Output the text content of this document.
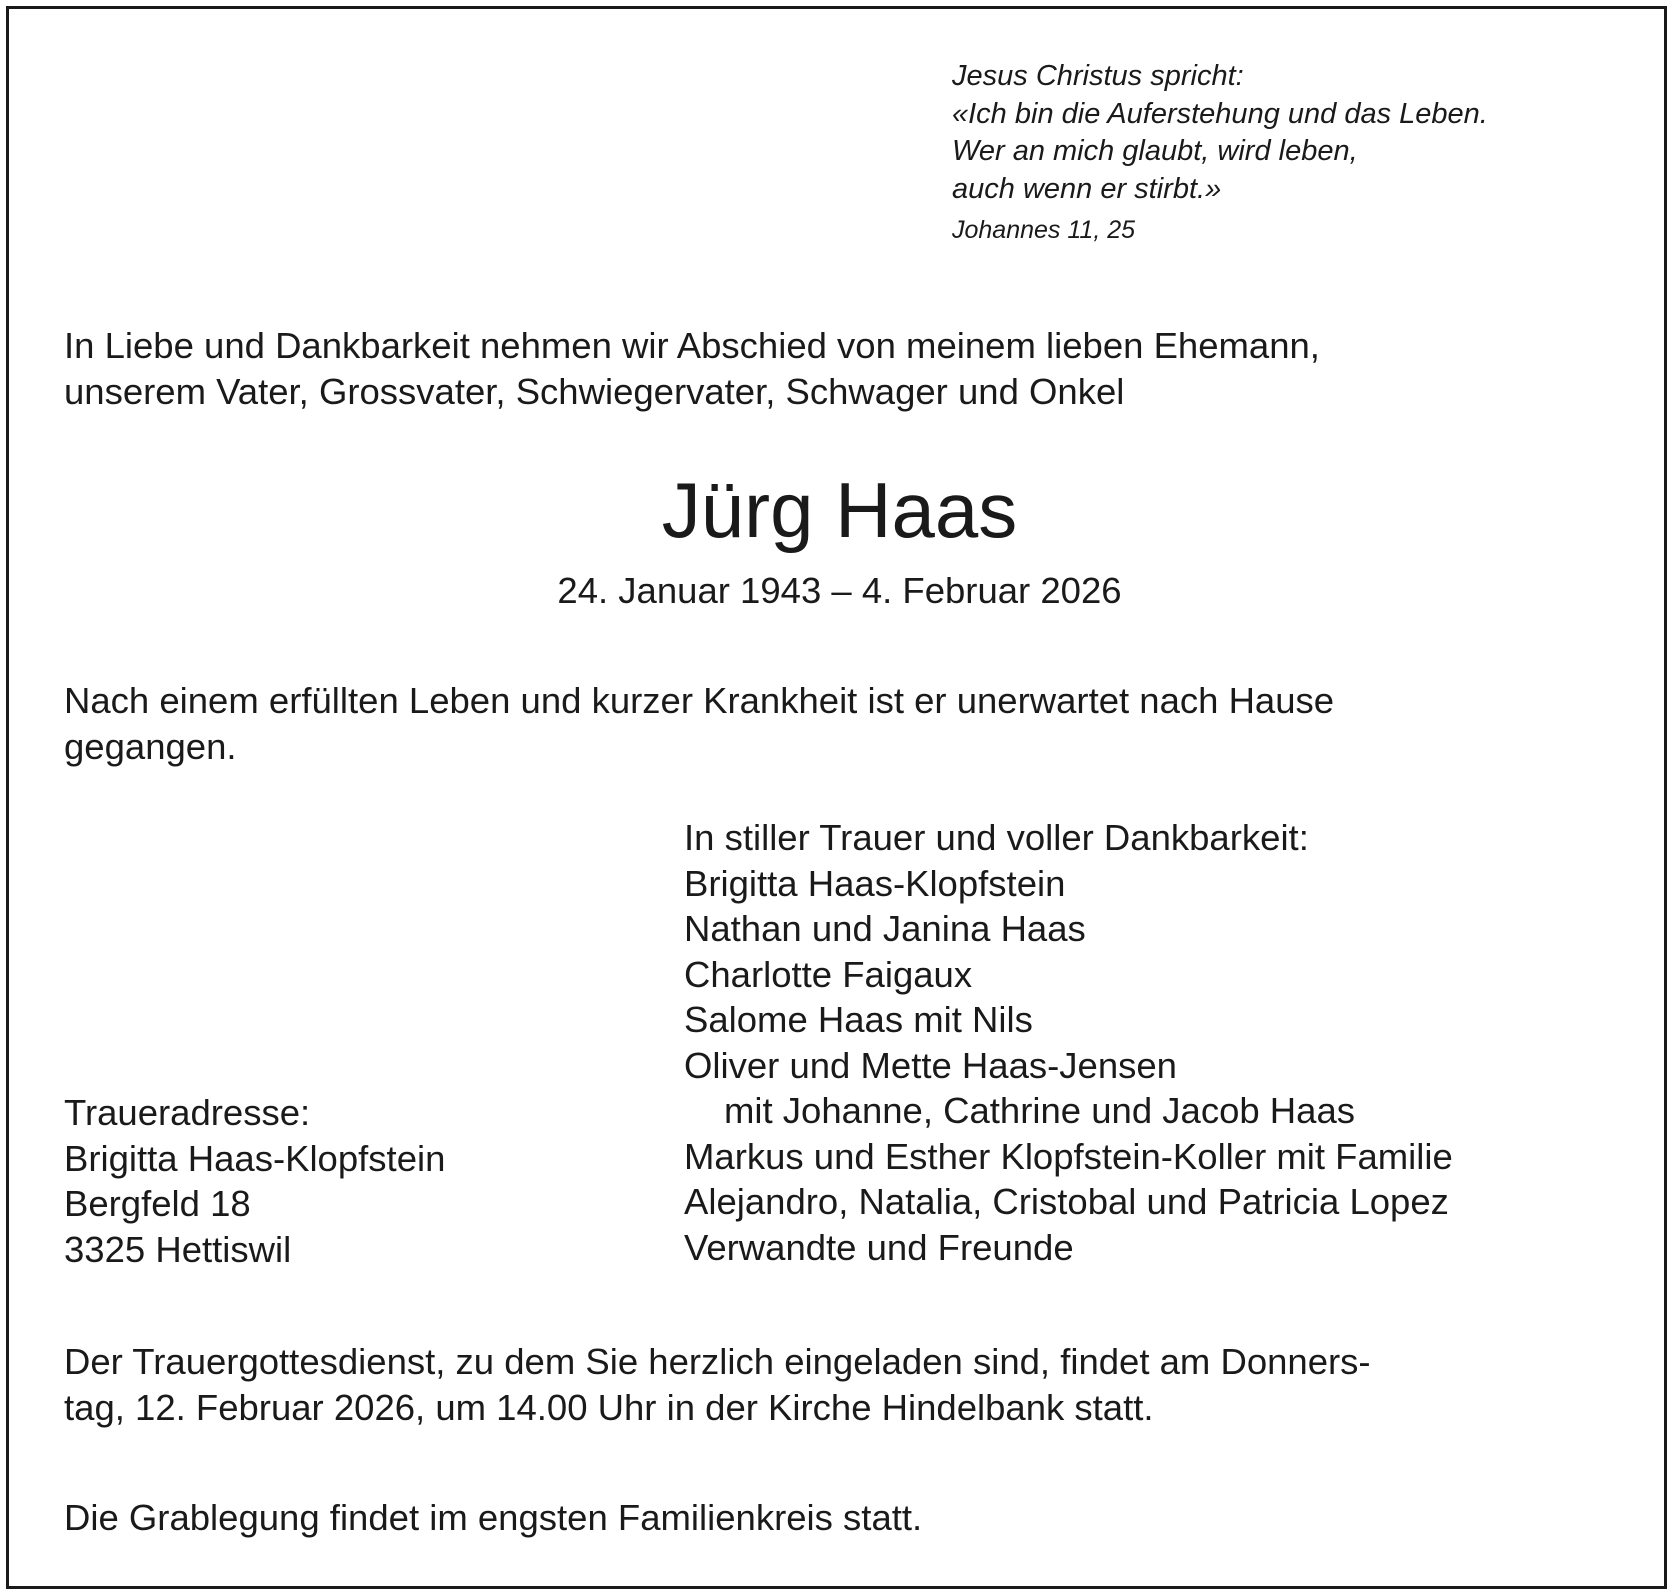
Jesus Christus spricht:
«Ich bin die Auferstehung und das Leben.
Wer an mich glaubt, wird leben,
auch wenn er stirbt.»
Johannes 11, 25
In Liebe und Dankbarkeit nehmen wir Abschied von meinem lieben Ehemann,
unserem Vater, Grossvater, Schwiegervater, Schwager und Onkel
Jürg Haas
24. Januar 1943 – 4. Februar 2026
Nach einem erfüllten Leben und kurzer Krankheit ist er unerwartet nach Hause
gegangen.
In stiller Trauer und voller Dankbarkeit:
Brigitta Haas-Klopfstein
Nathan und Janina Haas
Charlotte Faigaux
Salome Haas mit Nils
Oliver und Mette Haas-Jensen
mit Johanne, Cathrine und Jacob Haas
Markus und Esther Klopfstein-Koller mit Familie
Alejandro, Natalia, Cristobal und Patricia Lopez
Verwandte und Freunde
Traueradresse:
Brigitta Haas-Klopfstein
Bergfeld 18
3325 Hettiswil
Der Trauergottesdienst, zu dem Sie herzlich eingeladen sind, findet am Donners-
tag, 12. Februar 2026, um 14.00 Uhr in der Kirche Hindelbank statt.
Die Grablegung findet im engsten Familienkreis statt.
